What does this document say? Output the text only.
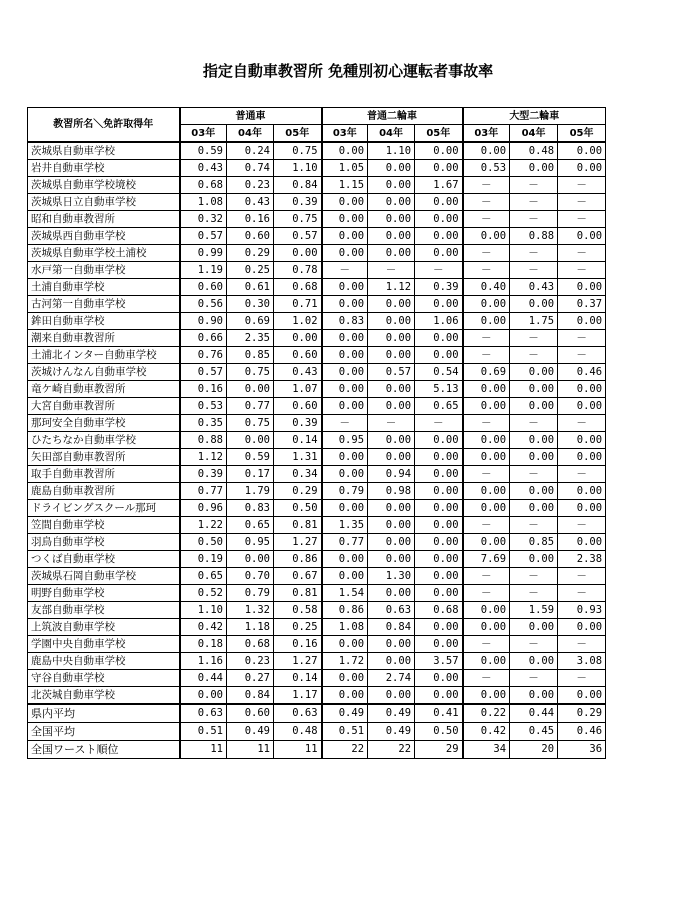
指定自動車教習所 免種別初心運転者事故率
教習所名＼免許取得年	普通車			普通二輪車			大型二輪車		
	03年	04年	05年	03年	04年	05年	03年	04年	05年
茨城県自動車学校	0.59	0.24	0.75	0.00	1.10	0.00	0.00	0.48	0.00
岩井自動車学校	0.43	0.74	1.10	1.05	0.00	0.00	0.53	0.00	0.00
茨城県自動車学校境校	0.68	0.23	0.84	1.15	0.00	1.67	－	－	－
茨城県日立自動車学校	1.08	0.43	0.39	0.00	0.00	0.00	－	－	－
昭和自動車教習所	0.32	0.16	0.75	0.00	0.00	0.00	－	－	－
茨城県西自動車学校	0.57	0.60	0.57	0.00	0.00	0.00	0.00	0.88	0.00
茨城県自動車学校土浦校	0.99	0.29	0.00	0.00	0.00	0.00	－	－	－
水戸第一自動車学校	1.19	0.25	0.78	－	－	－	－	－	－
土浦自動車学校	0.60	0.61	0.68	0.00	1.12	0.39	0.40	0.43	0.00
古河第一自動車学校	0.56	0.30	0.71	0.00	0.00	0.00	0.00	0.00	0.37
鉾田自動車学校	0.90	0.69	1.02	0.83	0.00	1.06	0.00	1.75	0.00
潮来自動車教習所	0.66	2.35	0.00	0.00	0.00	0.00	－	－	－
土浦北インター自動車学校	0.76	0.85	0.60	0.00	0.00	0.00	－	－	－
茨城けんなん自動車学校	0.57	0.75	0.43	0.00	0.57	0.54	0.69	0.00	0.46
竜ケ崎自動車教習所	0.16	0.00	1.07	0.00	0.00	5.13	0.00	0.00	0.00
大宮自動車教習所	0.53	0.77	0.60	0.00	0.00	0.65	0.00	0.00	0.00
那珂安全自動車学校	0.35	0.75	0.39	－	－	－	－	－	－
ひたちなか自動車学校	0.88	0.00	0.14	0.95	0.00	0.00	0.00	0.00	0.00
矢田部自動車教習所	1.12	0.59	1.31	0.00	0.00	0.00	0.00	0.00	0.00
取手自動車教習所	0.39	0.17	0.34	0.00	0.94	0.00	－	－	－
鹿島自動車教習所	0.77	1.79	0.29	0.79	0.98	0.00	0.00	0.00	0.00
ドライビングスクール那珂	0.96	0.83	0.50	0.00	0.00	0.00	0.00	0.00	0.00
笠間自動車学校	1.22	0.65	0.81	1.35	0.00	0.00	－	－	－
羽鳥自動車学校	0.50	0.95	1.27	0.77	0.00	0.00	0.00	0.85	0.00
つくば自動車学校	0.19	0.00	0.86	0.00	0.00	0.00	7.69	0.00	2.38
茨城県石岡自動車学校	0.65	0.70	0.67	0.00	1.30	0.00	－	－	－
明野自動車学校	0.52	0.79	0.81	1.54	0.00	0.00	－	－	－
友部自動車学校	1.10	1.32	0.58	0.86	0.63	0.68	0.00	1.59	0.93
上筑波自動車学校	0.42	1.18	0.25	1.08	0.84	0.00	0.00	0.00	0.00
学園中央自動車学校	0.18	0.68	0.16	0.00	0.00	0.00	－	－	－
鹿島中央自動車学校	1.16	0.23	1.27	1.72	0.00	3.57	0.00	0.00	3.08
守谷自動車学校	0.44	0.27	0.14	0.00	2.74	0.00	－	－	－
北茨城自動車学校	0.00	0.84	1.17	0.00	0.00	0.00	0.00	0.00	0.00
県内平均	0.63	0.60	0.63	0.49	0.49	0.41	0.22	0.44	0.29
全国平均	0.51	0.49	0.48	0.51	0.49	0.50	0.42	0.45	0.46
全国ワースト順位	11	11	11	22	22	29	34	20	36
